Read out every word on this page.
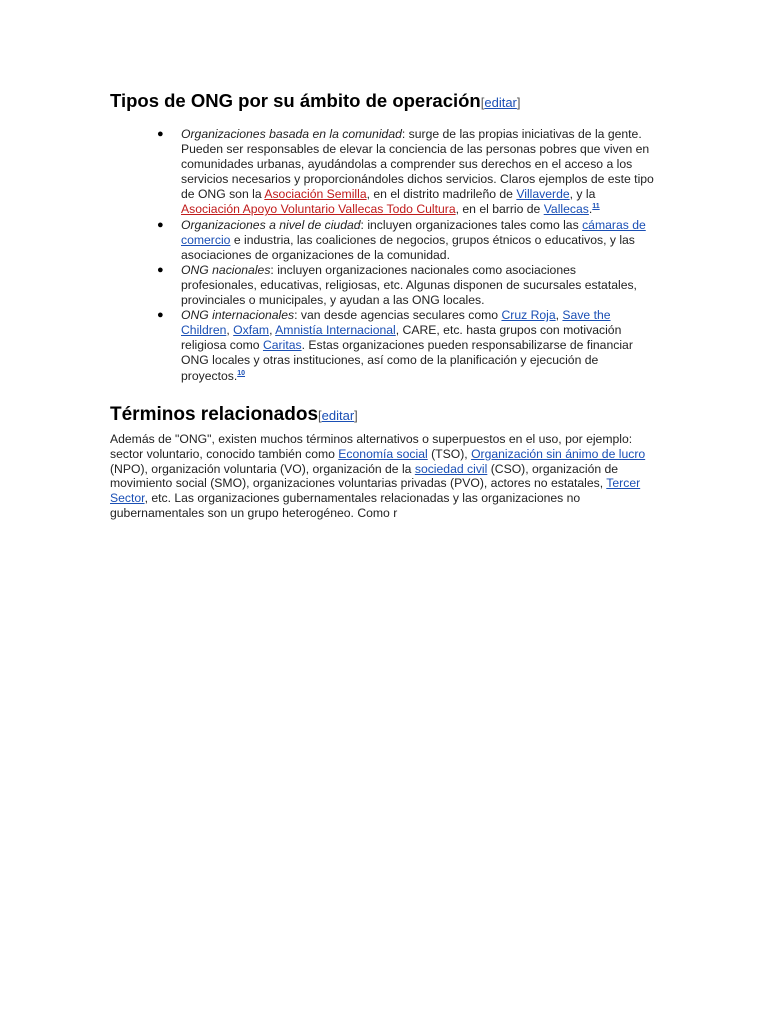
Tipos de ONG por su ámbito de operación[editar]
● Organizaciones basada en la comunidad: surge de las propias iniciativas de la gente. Pueden ser responsables de elevar la conciencia de las personas pobres que viven en comunidades urbanas, ayudándolas a comprender sus derechos en el acceso a los servicios necesarios y proporcionándoles dichos servicios. Claros ejemplos de este tipo de ONG son la Asociación Semilla, en el distrito madrileño de Villaverde, y la Asociación Apoyo Voluntario Vallecas Todo Cultura, en el barrio de Vallecas.$^{11}$
● Organizaciones a nivel de ciudad: incluyen organizaciones tales como las cámaras de comercio e industria, las coaliciones de negocios, grupos étnicos o educativos, y las asociaciones de organizaciones de la comunidad.
● ONG nacionales: incluyen organizaciones nacionales como asociaciones profesionales, educativas, religiosas, etc. Algunas disponen de sucursales estatales, provinciales o municipales, y ayudan a las ONG locales.
● ONG internacionales: van desde agencias seculares como Cruz Roja, Save the Children, Oxfam, Amnistía Internacional, CARE, etc. hasta grupos con motivación religiosa como Caritas. Estas organizaciones pueden responsabilizarse de financiar ONG locales y otras instituciones, así como de la planificación y ejecución de proyectos.$^{10}$
Términos relacionados[editar]

Además de "ONG", existen muchos términos alternativos o superpuestos en el uso, por ejemplo: sector voluntario, conocido también como Economía social (TSO), Organización sin ánimo de lucro (NPO), organización voluntaria (VO), organización de la sociedad civil (CSO), organización de movimiento social (SMO), organizaciones voluntarias privadas (PVO), actores no estatales, Tercer Sector, etc. Las organizaciones gubernamentales relacionadas y las organizaciones no gubernamentales son un grupo heterogéneo. Como r
